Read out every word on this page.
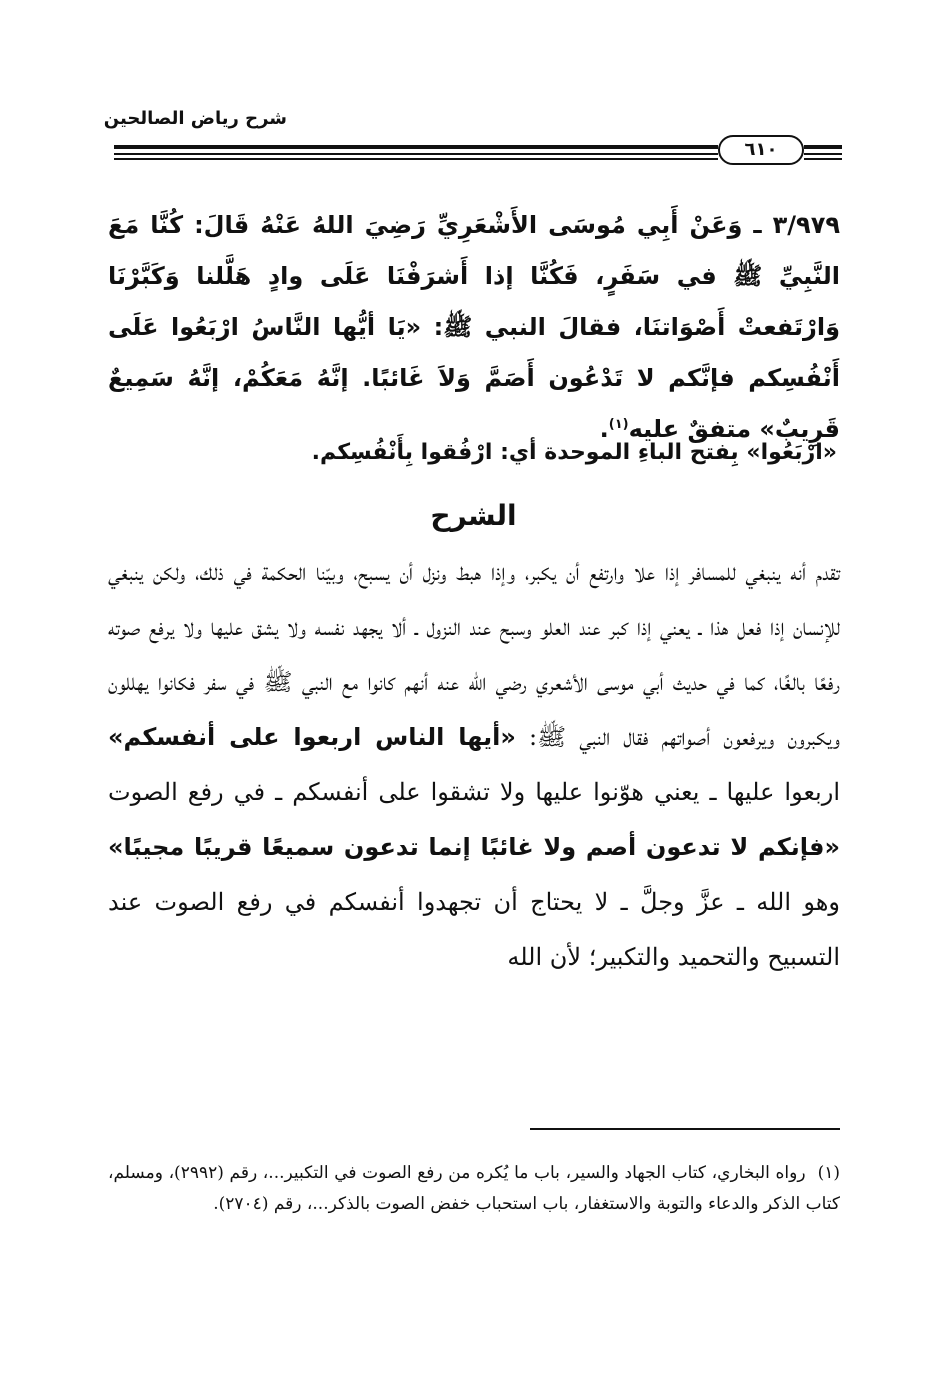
شرح رياض الصالحين
٦١٠
٣/٩٧٩ ـ وَعَنْ أَبِي مُوسَى الأَشْعَرِيِّ رَضِيَ اللهُ عَنْهُ قَالَ: كُنَّا مَعَ النَّبِيِّ ﷺ في سَفَرٍ، فَكُنَّا إذا أَشرَفْنَا عَلَى وادٍ هَلَّلنا وَكَبَّرْنَا وَارْتَفعتْ أَصْوَاتنَا، فقالَ النبي ﷺ: «يَا أيُّها النَّاسُ ارْبَعُوا عَلَى أَنْفُسِكم فإنَّكم لا تَدْعُون أَصَمَّ وَلاَ غَائبًا. إنَّهُ مَعَكُمْ، إنَّهُ سَمِيعٌ قَرِيبٌ» متفقٌ عليه$^{(١)}$.
«ارْبَعُوا» بِفتح الباءِ الموحدة أي: ارْفُقوا بِأَنْفُسِكم.
الشرح
تقدم أنه ينبغي للمسافر إذا علا وارتفع أن يكبر، وإذا هبط ونزل أن يسبح، وبيّنا الحكمة في ذلك، ولكن ينبغي للإنسان إذا فعل هذا ـ يعني إذا كبر عند العلو وسبح عند النزول ـ ألا يجهد نفسه ولا يشق عليها ولا يرفع صوته رفعًا بالغًا، كما في حديث أبي موسى الأشعري رضي الله عنه أنهم كانوا مع النبي ﷺ في سفر فكانوا يهللون ويكبرون ويرفعون أصواتهم فقال النبي ﷺ: «أيها الناس اربعوا على أنفسكم» اربعوا عليها ـ يعني هوّنوا عليها ولا تشقوا على أنفسكم ـ في رفع الصوت «فإنكم لا تدعون أصم ولا غائبًا إنما تدعون سميعًا قريبًا مجيبًا» وهو الله ـ عزَّ وجلَّ ـ لا يحتاج أن تجهدوا أنفسكم في رفع الصوت عند التسبيح والتحميد والتكبير؛ لأن الله
(١)رواه البخاري، كتاب الجهاد والسير، باب ما يُكره من رفع الصوت في التكبير...، رقم (٢٩٩٢)، ومسلم، كتاب الذكر والدعاء والتوبة والاستغفار، باب استحباب خفض الصوت بالذكر...، رقم (٢٧٠٤).
